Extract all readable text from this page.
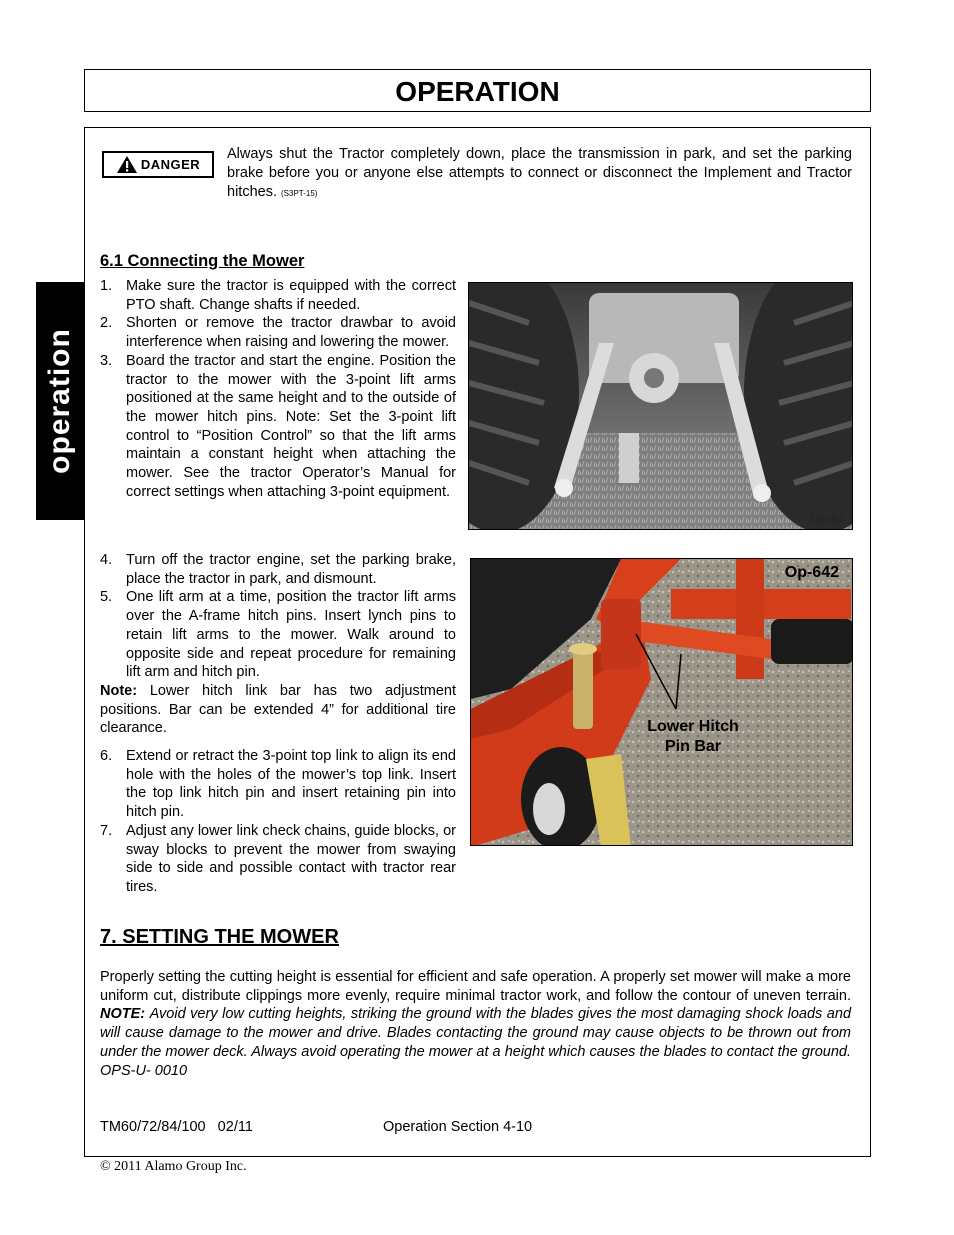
OPERATION
operation
DANGER
Always shut the Tractor completely down, place the transmission in park, and set the parking brake before you or anyone else attempts to connect or disconnect the Implement and Tractor hitches. (S3PT-15)
6.1 Connecting the Mower
1. Make sure the tractor is equipped with the correct PTO shaft. Change shafts if needed.
2. Shorten or remove the tractor drawbar to avoid interference when raising and lowering the mower.
3. Board the tractor and start the engine. Position the tractor to the mower with the 3-point lift arms positioned at the same height and to the outside of the mower hitch pins. Note: Set the 3-point lift control to “Position Control” so that the lift arms maintain a constant height when attaching the mower. See the tractor Operator’s Manual for correct settings when attaching 3-point equipment.
4. Turn off the tractor engine, set the parking brake, place the tractor in park, and dismount.
5. One lift arm at a time, position the tractor lift arms over the A-frame hitch pins. Insert lynch pins to retain lift arms to the mower. Walk around to opposite side and repeat procedure for remaining lift arm and hitch pin.
Note: Lower hitch link bar has two adjustment positions. Bar can be extended 4” for additional tire clearance.
6. Extend or retract the 3-point top link to align its end hole with the holes of the mower’s top link. Insert the top link hitch pin and insert retaining pin into hitch pin.
7. Adjust any lower link check chains, guide blocks, or sway blocks to prevent the mower from swaying side to side and possible contact with tractor rear tires.
Op-64
Op-642
Lower Hitch
Pin Bar
7. SETTING THE MOWER
Properly setting the cutting height is essential for efficient and safe operation. A properly set mower will make a more uniform cut, distribute clippings more evenly, require minimal tractor work, and follow the contour of uneven terrain. NOTE: Avoid very low cutting heights, striking the ground with the blades gives the most damaging shock loads and will cause damage to the mower and drive. Blades contacting the ground may cause objects to be thrown out from under the mower deck. Always avoid operating the mower at a height which causes the blades to contact the ground. OPS-U- 0010
TM60/72/84/100   02/11	Operation Section 4-10
© 2011 Alamo Group Inc.
